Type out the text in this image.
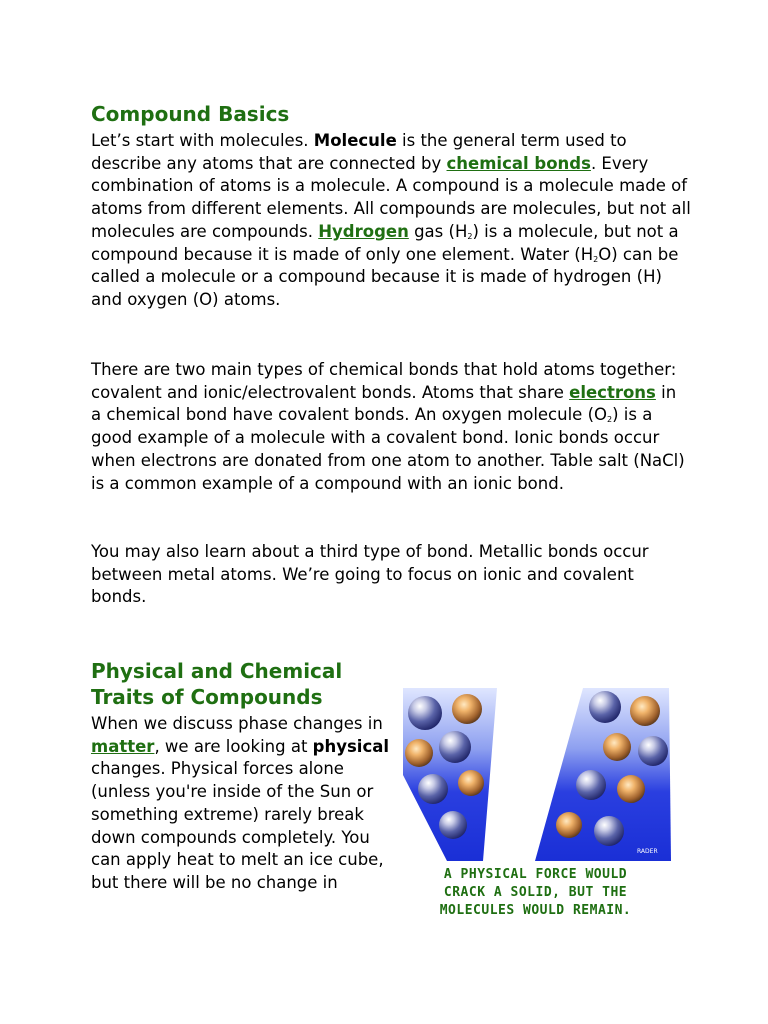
Compound Basics

Let’s start with molecules. Molecule is the general term used to describe any atoms that are connected by chemical bonds. Every combination of atoms is a molecule. A compound is a molecule made of atoms from different elements. All compounds are molecules, but not all molecules are compounds. Hydrogen gas $(H_2)$ is a molecule, but not a compound because it is made of only one element. Water $(H_2O)$ can be called a molecule or a compound because it is made of hydrogen (H) and oxygen (O) atoms.

There are two main types of chemical bonds that hold atoms together: covalent and ionic/electrovalent bonds. Atoms that share electrons in a chemical bond have covalent bonds. An oxygen molecule $(O_2)$ is a good example of a molecule with a covalent bond. Ionic bonds occur when electrons are donated from one atom to another. Table salt (NaCl) is a common example of a compound with an ionic bond.

You may also learn about a third type of bond. Metallic bonds occur between metal atoms. We’re going to focus on ionic and covalent bonds.

Physical and Chemical Traits of Compounds

When we discuss phase changes in matter, we are looking at physical changes. Physical forces alone (unless you're inside of the Sun or something extreme) rarely break down compounds completely. You can apply heat to melt an ice cube, but there will be no change in

RADER
A PHYSICAL FORCE WOULD
CRACK A SOLID, BUT THE
MOLECULES WOULD REMAIN.
